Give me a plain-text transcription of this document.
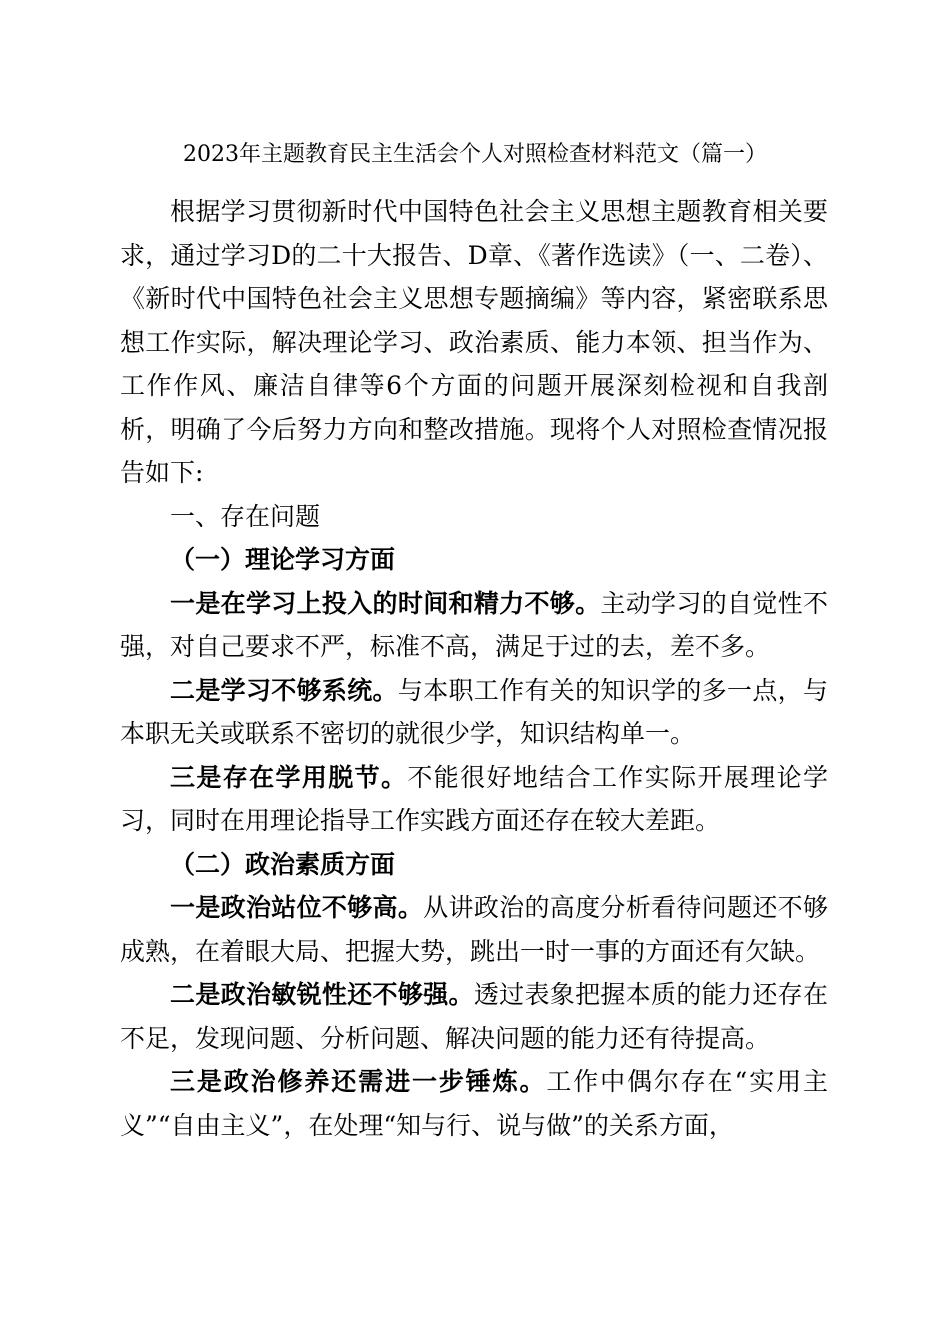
2023年主题教育民主生活会个人对照检查材料范文（篇一）

根据学习贯彻新时代中国特色社会主义思想主题教育相关要求，通过学习D的二十大报告、D章、《著作选读》（一、二卷）、《新时代中国特色社会主义思想专题摘编》等内容，紧密联系思想工作实际，解决理论学习、政治素质、能力本领、担当作为、工作作风、廉洁自律等6个方面的问题开展深刻检视和自我剖析，明确了今后努力方向和整改措施。现将个人对照检查情况报告如下:

一、存在问题

（一）理论学习方面

一是在学习上投入的时间和精力不够。主动学习的自觉性不强，对自己要求不严，标准不高，满足于过的去，差不多。

二是学习不够系统。与本职工作有关的知识学的多一点，与本职无关或联系不密切的就很少学，知识结构单一。

三是存在学用脱节。不能很好地结合工作实际开展理论学习，同时在用理论指导工作实践方面还存在较大差距。

（二）政治素质方面

一是政治站位不够高。从讲政治的高度分析看待问题还不够成熟，在着眼大局、把握大势，跳出一时一事的方面还有欠缺。

二是政治敏锐性还不够强。透过表象把握本质的能力还存在不足，发现问题、分析问题、解决问题的能力还有待提高。

三是政治修养还需进一步锤炼。工作中偶尔存在“实用主义”“自由主义”，在处理“知与行、说与做”的关系方面，
